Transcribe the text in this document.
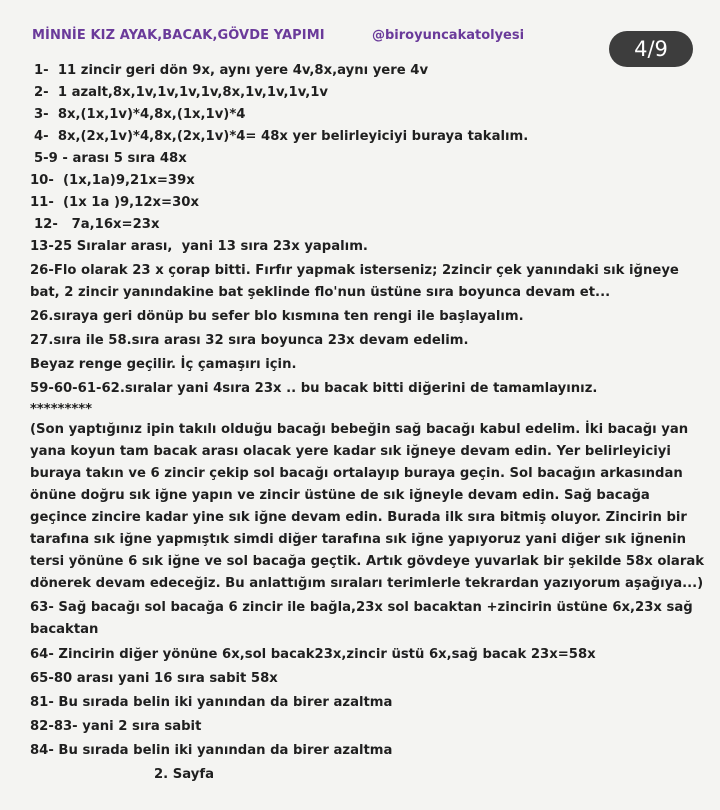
MİNNİE KIZ AYAK,BACAK,GÖVDE YAPIMI	@biroyuncakatolyesi
4/9
1-  11 zincir geri dön 9x, aynı yere 4v,8x,aynı yere 4v
2-  1 azalt,8x,1v,1v,1v,1v,8x,1v,1v,1v,1v
3-  8x,(1x,1v)*4,8x,(1x,1v)*4
4-  8x,(2x,1v)*4,8x,(2x,1v)*4= 48x yer belirleyiciyi buraya takalım.
5-9 - arası 5 sıra 48x
10-  (1x,1a)9,21x=39x
11-  (1x 1a )9,12x=30x
12-   7a,16x=23x
13-25 Sıralar arası,  yani 13 sıra 23x yapalım.
26-Flo olarak 23 x çorap bitti. Fırfır yapmak isterseniz; 2zincir çek yanındaki sık iğneye bat, 2 zincir yanındakine bat şeklinde flo'nun üstüne sıra boyunca devam et...
26.sıraya geri dönüp bu sefer blo kısmına ten rengi ile başlayalım.
27.sıra ile 58.sıra arası 32 sıra boyunca 23x devam edelim.
Beyaz renge geçilir. İç çamaşırı için.
59-60-61-62.sıralar yani 4sıra 23x .. bu bacak bitti diğerini de tamamlayınız.
*********
(Son yaptığınız ipin takılı olduğu bacağı bebeğin sağ bacağı kabul edelim. İki bacağı yan yana koyun tam bacak arası olacak yere kadar sık iğneye devam edin. Yer belirleyiciyi buraya takın ve 6 zincir çekip sol bacağı ortalayıp buraya geçin. Sol bacağın arkasından önüne doğru sık iğne yapın ve zincir üstüne de sık iğneyle devam edin. Sağ bacağa geçince zincire kadar yine sık iğne devam edin. Burada ilk sıra bitmiş oluyor. Zincirin bir tarafına sık iğne yapmıştık simdi diğer tarafına sık iğne yapıyoruz yani diğer sık iğnenin tersi yönüne 6 sık iğne ve sol bacağa geçtik. Artık gövdeye yuvarlak bir şekilde 58x olarak dönerek devam edeceğiz. Bu anlattığım sıraları terimlerle tekrardan yazıyorum aşağıya...)
63- Sağ bacağı sol bacağa 6 zincir ile bağla,23x sol bacaktan +zincirin üstüne 6x,23x sağ bacaktan
64- Zincirin diğer yönüne 6x,sol bacak23x,zincir üstü 6x,sağ bacak 23x=58x
65-80 arası yani 16 sıra sabit 58x
81- Bu sırada belin iki yanından da birer azaltma
82-83- yani 2 sıra sabit
84- Bu sırada belin iki yanından da birer azaltma
2. Sayfa
